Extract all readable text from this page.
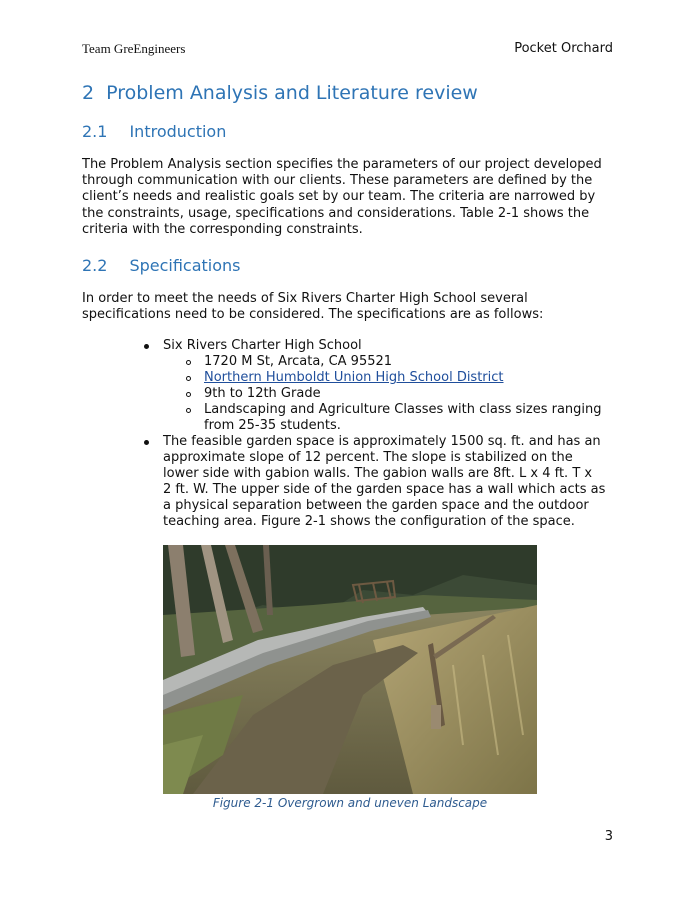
Team GreEngineers	Pocket Orchard
2 Problem Analysis and Literature review
2.1 Introduction
The Problem Analysis section specifies the parameters of our project developed
through communication with our clients. These parameters are defined by the
client’s needs and realistic goals set by our team. The criteria are narrowed by
the constraints, usage, specifications and considerations. Table 2-1 shows the
criteria with the corresponding constraints.
2.2 Specifications
In order to meet the needs of Six Rivers Charter High School several
specifications need to be considered. The specifications are as follows:
Six Rivers Charter High School
1720 M St, Arcata, CA 95521
Northern Humboldt Union High School District
9th to 12th Grade
Landscaping and Agriculture Classes with class sizes ranging
from 25-35 students.
The feasible garden space is approximately 1500 sq. ft. and has an
approximate slope of 12 percent. The slope is stabilized on the
lower side with gabion walls. The gabion walls are 8ft. L x 4 ft. T x
2 ft. W. The upper side of the garden space has a wall which acts as
a physical separation between the garden space and the outdoor
teaching area. Figure 2-1 shows the configuration of the space.
Figure 2-1 Overgrown and uneven Landscape
3
